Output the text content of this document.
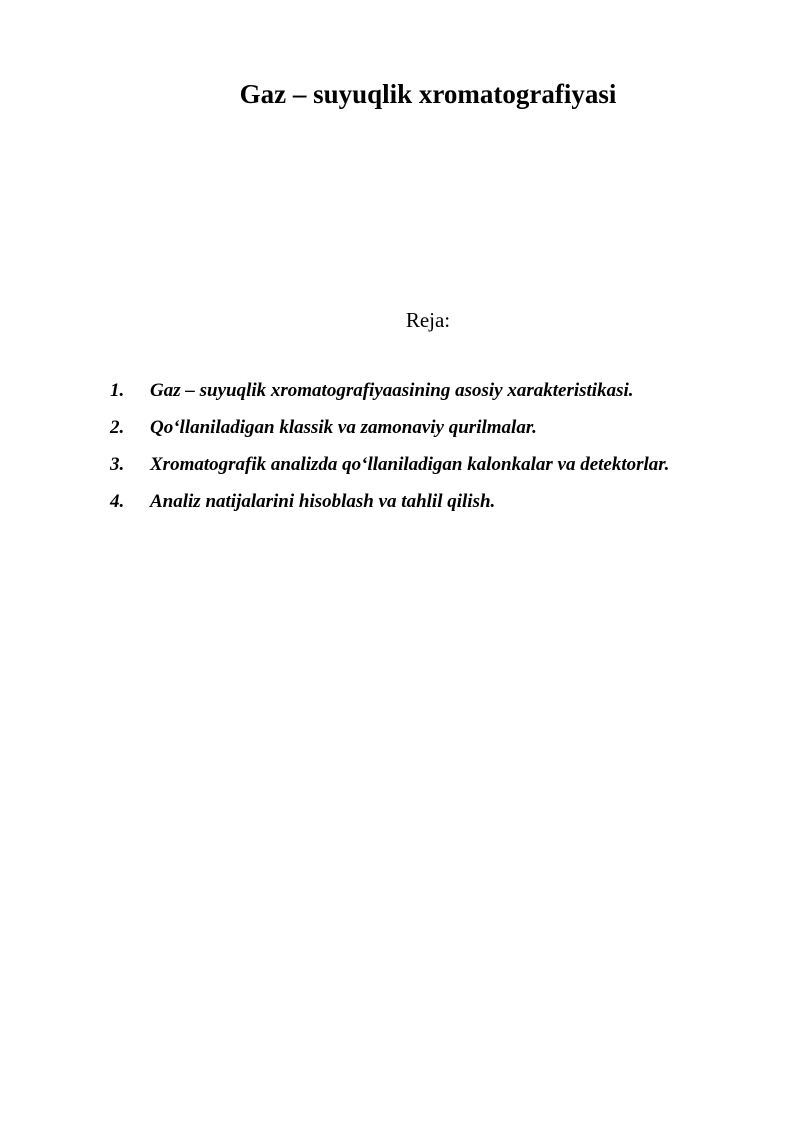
Gaz – suyuqlik xromatografiyasi
Reja:
1.	Gaz – suyuqlik xromatografiyaasining asosiy xarakteristikasi.
2.	Qo‘llaniladigan klassik va zamonaviy qurilmalar.
3.	Xromatografik analizda qo‘llaniladigan kalonkalar va detektorlar.
4.	Analiz natijalarini hisoblash va tahlil qilish.
